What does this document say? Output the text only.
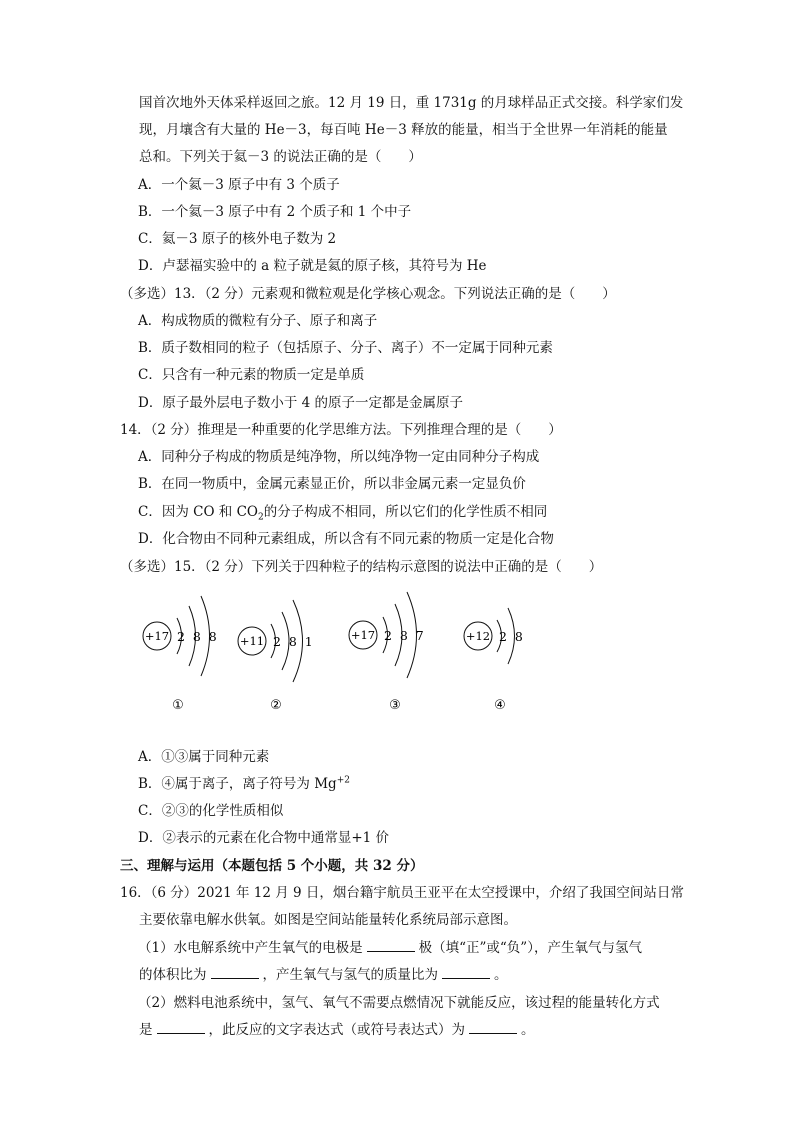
国首次地外天体采样返回之旅。12 月 19 日，重 1731g 的月球样品正式交接。科学家们发
现，月壤含有大量的 He－3，每百吨 He－3 释放的能量，相当于全世界一年消耗的能量
总和。下列关于氦－3 的说法正确的是（　　）
A．一个氦－3 原子中有 3 个质子
B．一个氦－3 原子中有 2 个质子和 1 个中子
C．氦－3 原子的核外电子数为 2
D．卢瑟福实验中的 a 粒子就是氦的原子核，其符号为 He
（多选）13．（2 分）元素观和微粒观是化学核心观念。下列说法正确的是（　　）
A．构成物质的微粒有分子、原子和离子
B．质子数相同的粒子（包括原子、分子、离子）不一定属于同种元素
C．只含有一种元素的物质一定是单质
D．原子最外层电子数小于 4 的原子一定都是金属原子
14．（2 分）推理是一种重要的化学思维方法。下列推理合理的是（　　）
A．同种分子构成的物质是纯净物，所以纯净物一定由同种分子构成
B．在同一物质中，金属元素显正价，所以非金属元素一定显负价
C．因为 CO 和 $CO_2$的分子构成不相同，所以它们的化学性质不相同
D．化合物由不同种元素组成，所以含有不同元素的物质一定是化合物
（多选）15．（2 分）下列关于四种粒子的结构示意图的说法中正确的是（　　）
+17 2  8  8
①
+11 2  8  1
②
+17 2  8  7
③
+12 2  8
④
A．①③属于同种元素
B．④属于离子，离子符号为 $Mg^{+2}$
C．②③的化学性质相似
D．②表示的元素在化合物中通常显+1 价
三、理解与运用（本题包括 5 个小题，共 32 分）
16．（6 分）2021 年 12 月 9 日，烟台籍宇航员王亚平在太空授课中，介绍了我国空间站日常
主要依靠电解水供氧。如图是空间站能量转化系统局部示意图。
（1）水电解系统中产生氧气的电极是	极（填“正”或“负”），产生氧气与氢气
的体积比为	，产生氧气与氢气的质量比为	。
（2）燃料电池系统中，氢气、氧气不需要点燃情况下就能反应，该过程的能量转化方式
是	，此反应的文字表达式（或符号表达式）为	。
